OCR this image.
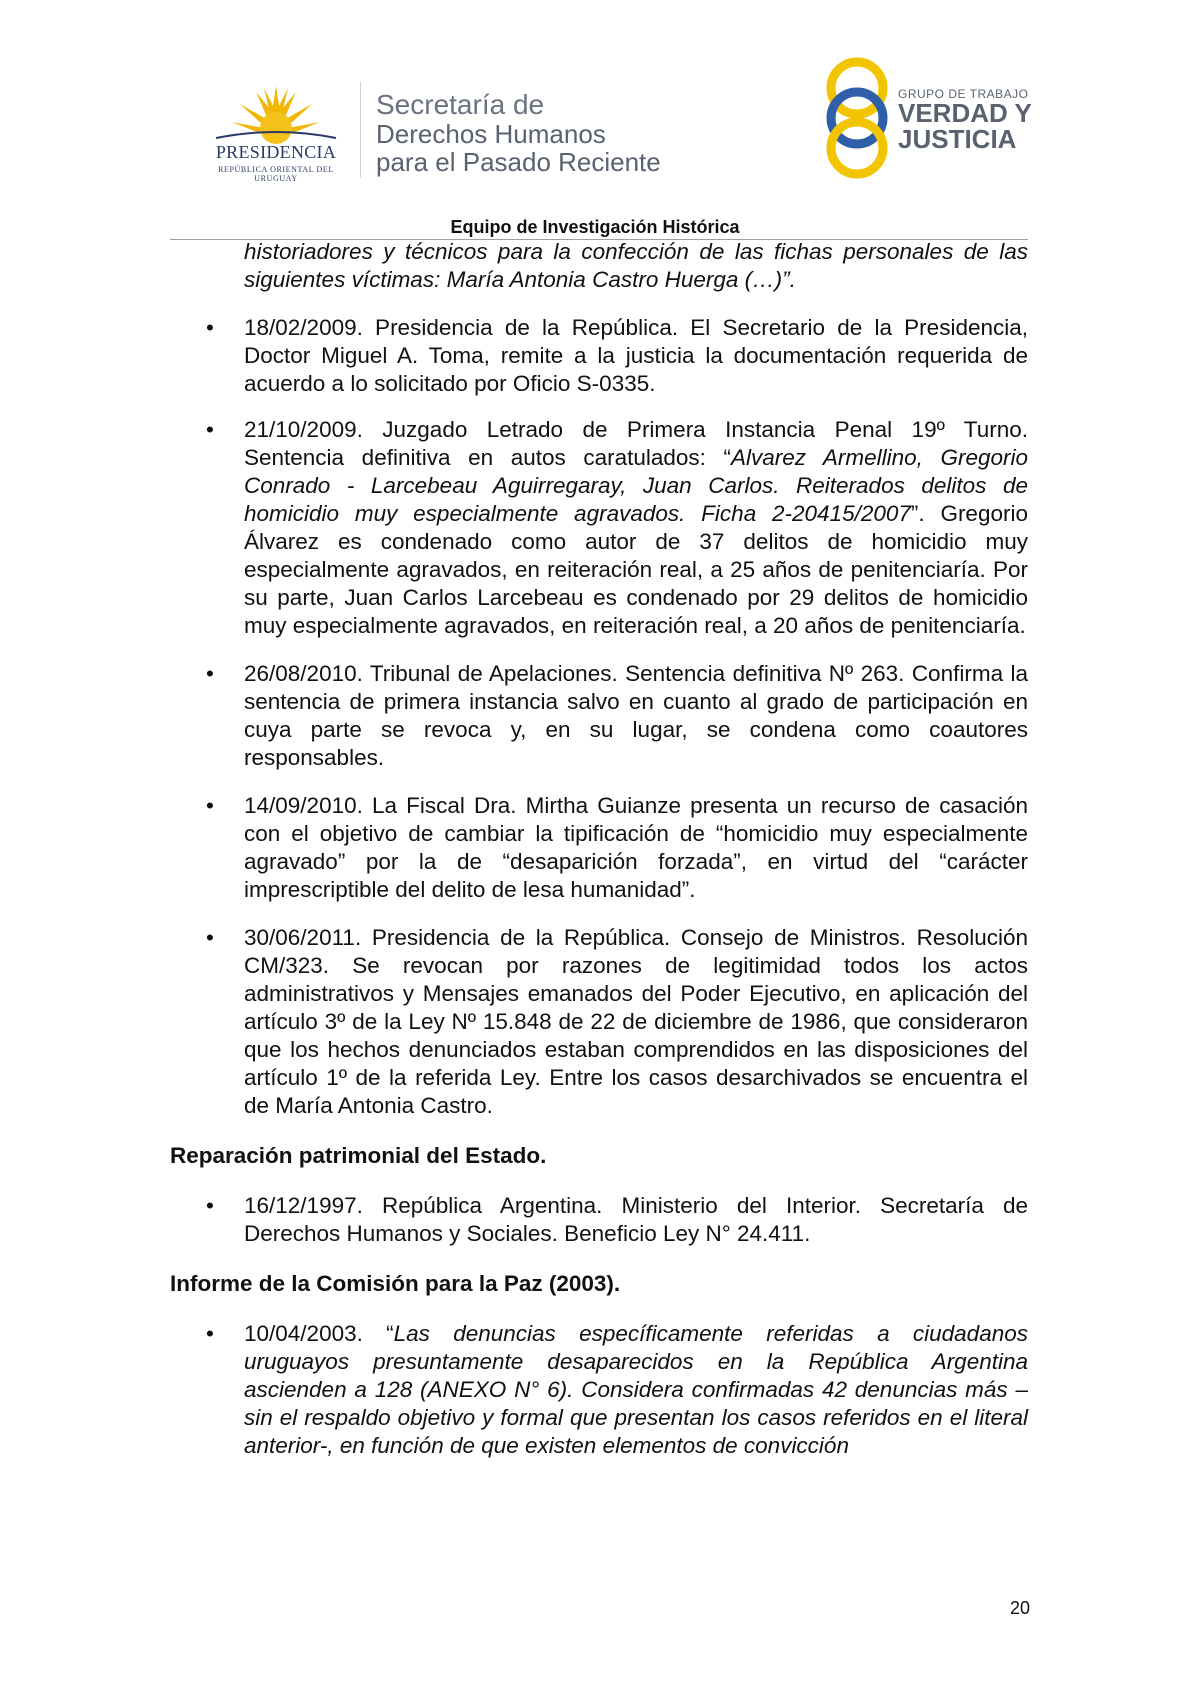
PRESIDENCIA
REPÚBLICA ORIENTAL DEL URUGUAY
Secretaría de
Derechos Humanos
para el Pasado Reciente
GRUPO DE TRABAJO
VERDAD Y
JUSTICIA
Equipo de Investigación Histórica

historiadores y técnicos para la confección de las fichas personales de las siguientes víctimas: María Antonia Castro Huerga (…)”.

• 18/02/2009. Presidencia de la República. El Secretario de la Presidencia, Doctor Miguel A. Toma, remite a la justicia la documentación requerida de acuerdo a lo solicitado por Oficio S-0335.

• 21/10/2009. Juzgado Letrado de Primera Instancia Penal 19º Turno. Sentencia definitiva en autos caratulados: “Alvarez Armellino, Gregorio Conrado - Larcebeau Aguirregaray, Juan Carlos. Reiterados delitos de homicidio muy especialmente agravados. Ficha 2-20415/2007”. Gregorio Álvarez es condenado como autor de 37 delitos de homicidio muy especialmente agravados, en reiteración real, a 25 años de penitenciaría. Por su parte, Juan Carlos Larcebeau es condenado por 29 delitos de homicidio muy especialmente agravados, en reiteración real, a 20 años de penitenciaría.

• 26/08/2010. Tribunal de Apelaciones. Sentencia definitiva Nº 263. Confirma la sentencia de primera instancia salvo en cuanto al grado de participación en cuya parte se revoca y, en su lugar, se condena como coautores responsables.

• 14/09/2010. La Fiscal Dra. Mirtha Guianze presenta un recurso de casación con el objetivo de cambiar la tipificación de “homicidio muy especialmente agravado” por la de “desaparición forzada”, en virtud del “carácter imprescriptible del delito de lesa humanidad”.

• 30/06/2011. Presidencia de la República. Consejo de Ministros. Resolución CM/323. Se revocan por razones de legitimidad todos los actos administrativos y Mensajes emanados del Poder Ejecutivo, en aplicación del artículo 3º de la Ley Nº 15.848 de 22 de diciembre de 1986, que consideraron que los hechos denunciados estaban comprendidos en las disposiciones del artículo 1º de la referida Ley. Entre los casos desarchivados se encuentra el de María Antonia Castro.

Reparación patrimonial del Estado.

• 16/12/1997. República Argentina. Ministerio del Interior. Secretaría de Derechos Humanos y Sociales. Beneficio Ley N° 24.411.

Informe de la Comisión para la Paz (2003).

• 10/04/2003. “Las denuncias específicamente referidas a ciudadanos uruguayos presuntamente desaparecidos en la República Argentina ascienden a 128 (ANEXO N° 6). Considera confirmadas 42 denuncias más –sin el respaldo objetivo y formal que presentan los casos referidos en el literal anterior-, en función de que existen elementos de convicción

20
